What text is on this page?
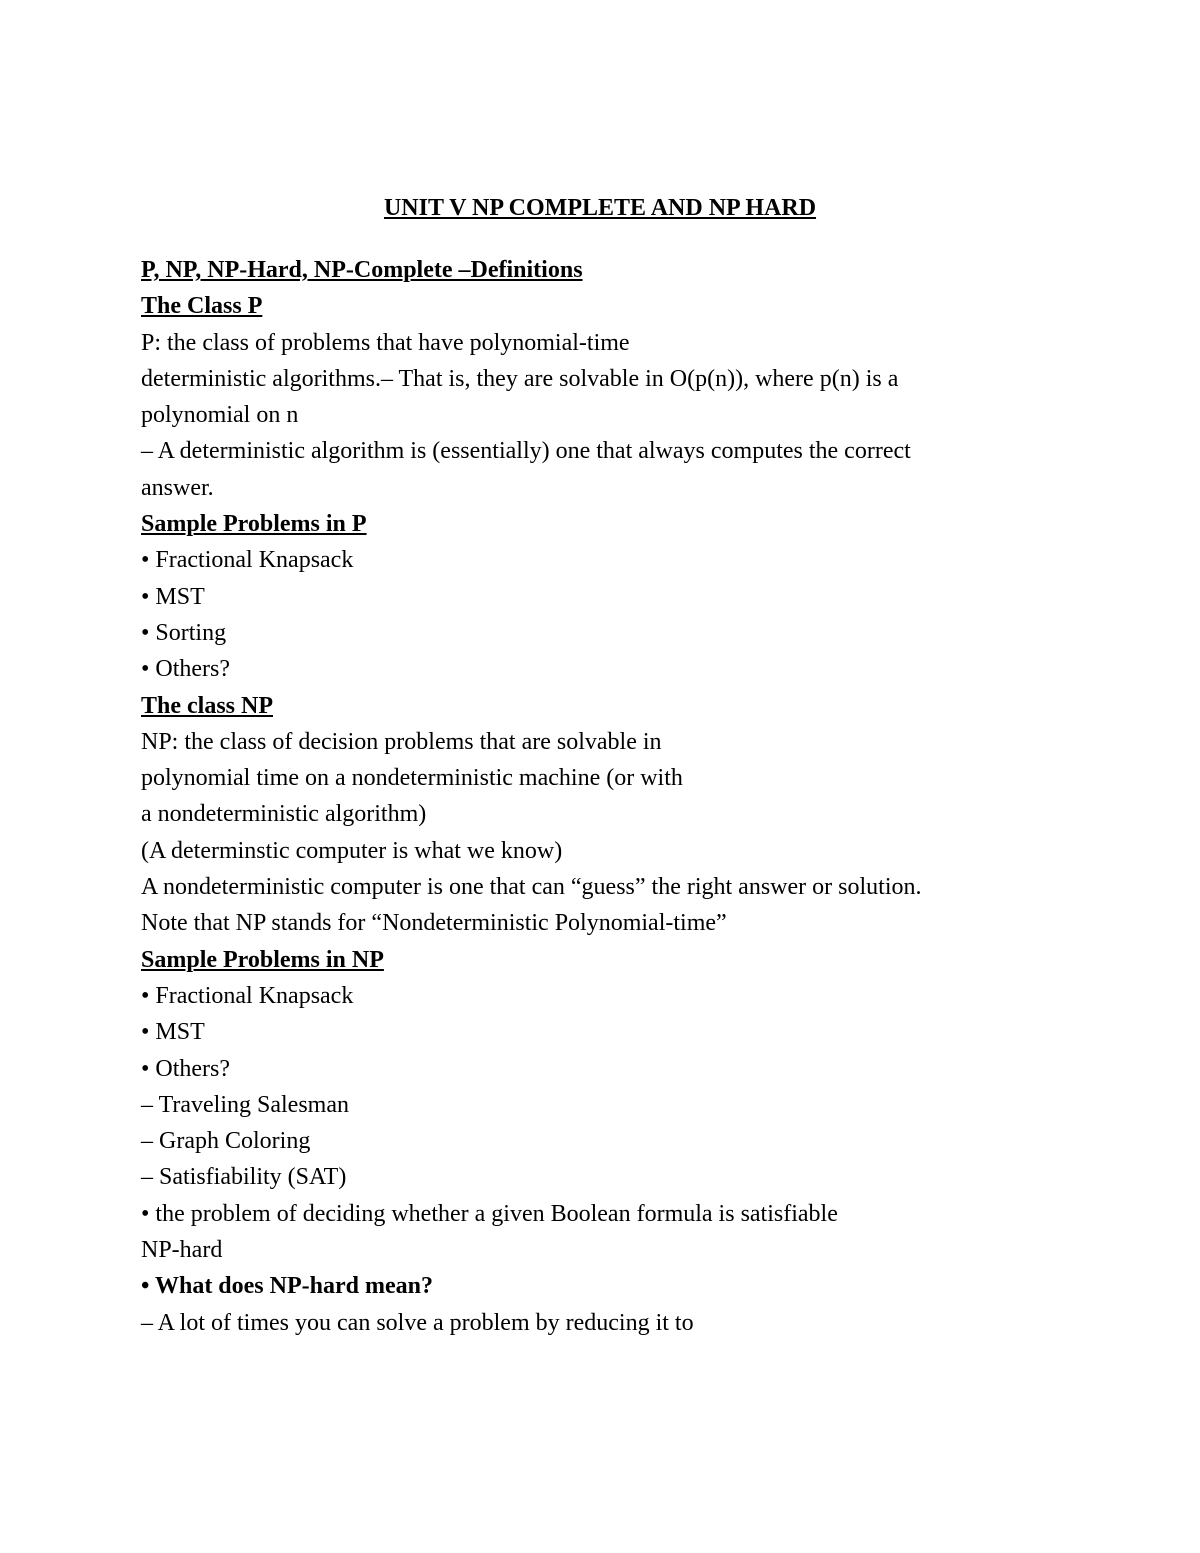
UNIT V NP COMPLETE AND NP HARD

P, NP, NP-Hard, NP-Complete –Definitions

The Class P

P: the class of problems that have polynomial-time

deterministic algorithms.– That is, they are solvable in O(p(n)), where p(n) is a

polynomial on n

– A deterministic algorithm is (essentially) one that always computes the correct

answer.

Sample Problems in P

• Fractional Knapsack

• MST

• Sorting

• Others?

The class NP

NP: the class of decision problems that are solvable in

polynomial time on a nondeterministic machine (or with

a nondeterministic algorithm)

(A determinstic computer is what we know)

A nondeterministic computer is one that can “guess” the right answer or solution.

Note that NP stands for “Nondeterministic Polynomial-time”

Sample Problems in NP

• Fractional Knapsack

• MST

• Others?

– Traveling Salesman

– Graph Coloring

– Satisfiability (SAT)

• the problem of deciding whether a given Boolean formula is satisfiable

NP-hard

• What does NP-hard mean?

– A lot of times you can solve a problem by reducing it to
